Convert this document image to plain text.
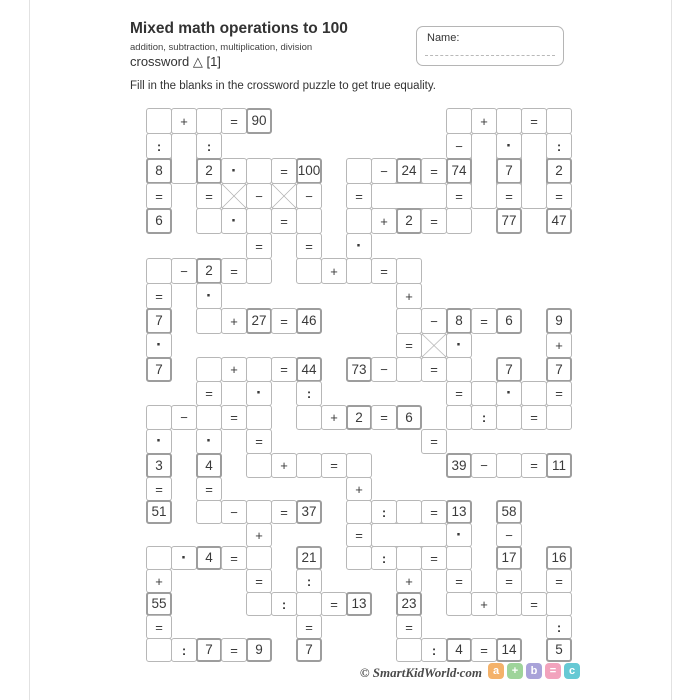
Mixed math operations to 100
addition, subtraction, multiplication, division
crossword △ [1]
Name:
Fill in the blanks in the crossword puzzle to get true equality.
+	=	90	+	=
:	:	−	·	:
8	2	·	= 100	−	24	=	74	7	2
=	=	−	−	=	=	=	=
6	·	=	+	2	=	77	47
=	=	·
−	2	=	+	=
=	·	+
7	+	27	=	46	−	8	=	6	9
·	=	·	+
7	+	=	44	73	−	=	7	7
=	·	:	=	·	=
−	=	+	2	=	6	:	=
·	·	=	=
3	4	+	=	39	−	=	11
=	=	+
51	−	=	37	:	=	13	58
+	=	·	−
·	4	=	21	:	=	17	16
+	=	:	+	=	=	=
55	:	=	13	23	+	=
=	=	=	:
:	7	=	9	7	:	4	=	14	5
© SmartKidWorld·com a	+	b	=	c
